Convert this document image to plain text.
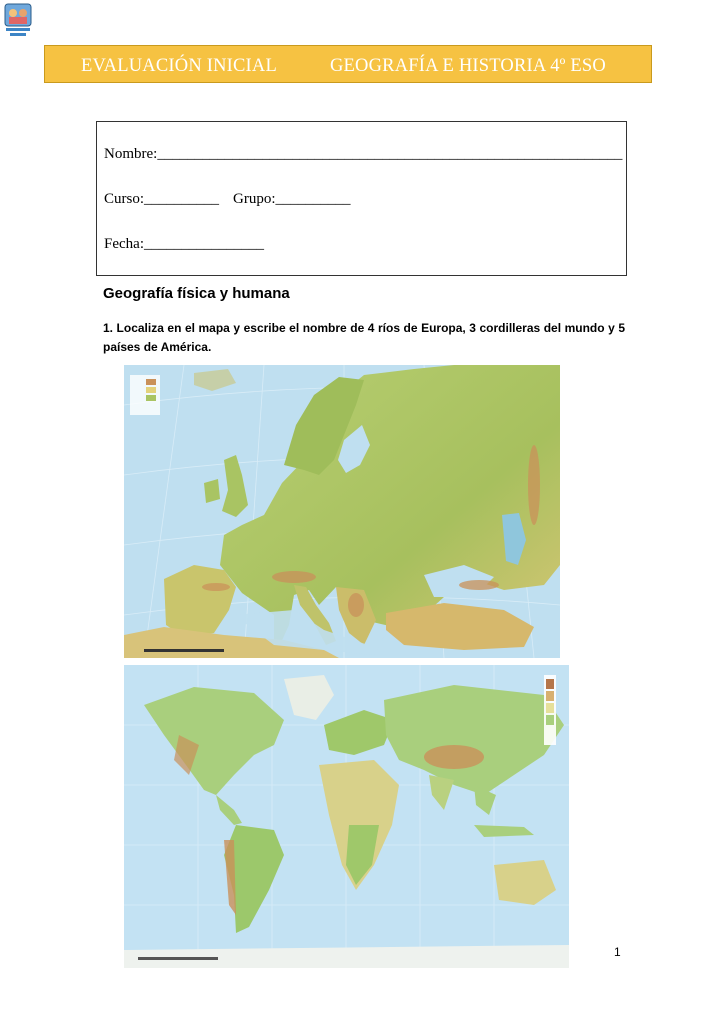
EVALUACIÓN INICIAL	GEOGRAFÍA E HISTORIA 4º ESO
Nombre:______________________________________________________________
Curso:__________ Grupo:__________
Fecha:________________
Geografía física y humana
1. Localiza en el mapa y escribe el nombre de 4 ríos de Europa, 3 cordilleras del mundo y 5 países de América.
1
